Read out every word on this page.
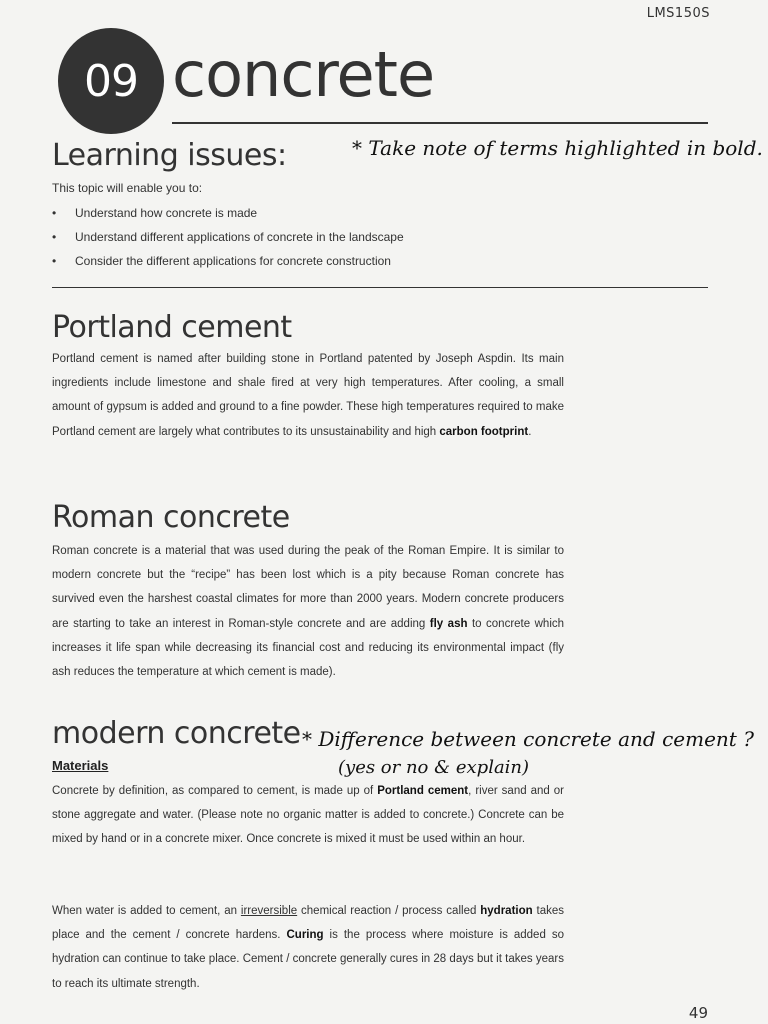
LMS150S
09 concrete
Learning issues:	* Take note of terms highlighted in bold.
This topic will enable you to:
• Understand how concrete is made
• Understand different applications of concrete in the landscape
• Consider the different applications for concrete construction
Portland cement

Portland cement is named after building stone in Portland patented by Joseph Aspdin. Its main ingredients include limestone and shale fired at very high temperatures. After cooling, a small amount of gypsum is added and ground to a fine powder. These high temperatures required to make Portland cement are largely what contributes to its unsustainability and high carbon footprint.

Roman concrete

Roman concrete is a material that was used during the peak of the Roman Empire. It is similar to modern concrete but the “recipe” has been lost which is a pity because Roman concrete has survived even the harshest coastal climates for more than 2000 years. Modern concrete producers are starting to take an interest in Roman-style concrete and are adding fly ash to concrete which increases it life span while decreasing its financial cost and reducing its environmental impact (fly ash reduces the temperature at which cement is made).

modern concrete * Difference between concrete and cement ?
(yes or no & explain)
Materials

Concrete by definition, as compared to cement, is made up of Portland cement, river sand and or stone aggregate and water. (Please note no organic matter is added to concrete.) Concrete can be mixed by hand or in a concrete mixer. Once concrete is mixed it must be used within an hour.

When water is added to cement, an irreversible chemical reaction / process called hydration takes place and the cement / concrete hardens. Curing is the process where moisture is added so hydration can continue to take place. Cement / concrete generally cures in 28 days but it takes years to reach its ultimate strength.

49
